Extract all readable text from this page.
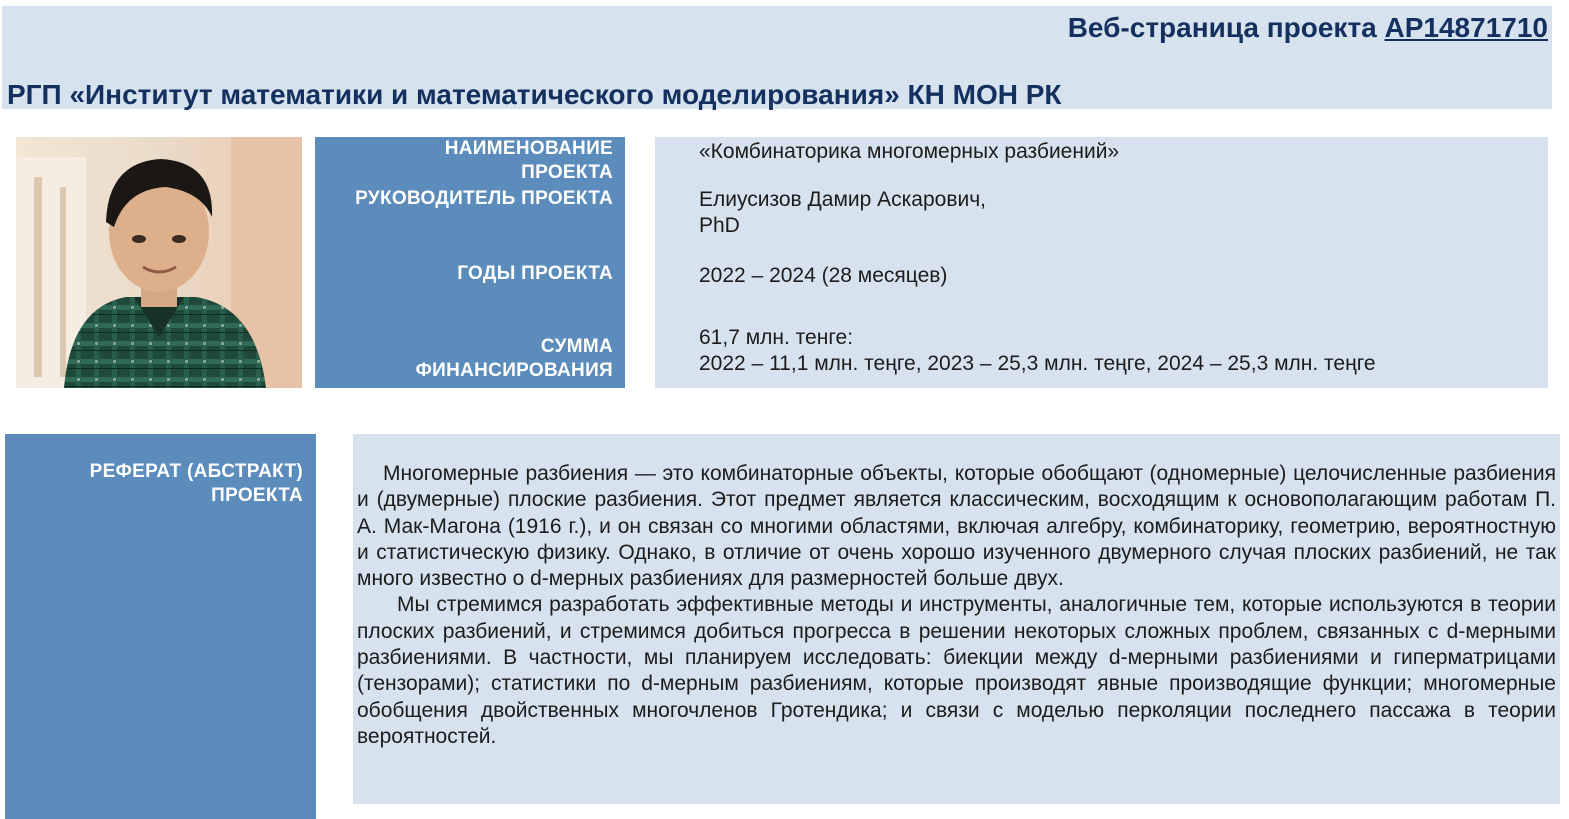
Веб-страница проекта AP14871710
РГП «Институт математики и математического моделирования» КН МОН РК
НАИМЕНОВАНИЕ ПРОЕКТА
РУКОВОДИТЕЛЬ ПРОЕКТА
ГОДЫ ПРОЕКТА
СУММА ФИНАНСИРОВАНИЯ
«Комбинаторика многомерных разбиений»
Елиусизов Дамир Аскарович,
PhD
2022 – 2024 (28 месяцев)
61,7 млн. тенге:
2022 – 11,1 млн. теңге, 2023 – 25,3 млн. теңге, 2024 – 25,3 млн. теңге
РЕФЕРАТ (АБСТРАКТ) ПРОЕКТА

Многомерные разбиения — это комбинаторные объекты, которые обобщают (одномерные) целочисленные разбиения и (двумерные) плоские разбиения. Этот предмет является классическим, восходящим к основополагающим работам П. А. Мак-Магона (1916 г.), и он связан со многими областями, включая алгебру, комбинаторику, геометрию, вероятностную и статистическую физику. Однако, в отличие от очень хорошо изученного двумерного случая плоских разбиений, не так много известно о d-мерных разбиениях для размерностей больше двух.

Мы стремимся разработать эффективные методы и инструменты, аналогичные тем, которые используются в теории плоских разбиений, и стремимся добиться прогресса в решении некоторых сложных проблем, связанных с d-мерными разбиениями. В частности, мы планируем исследовать: биекции между d-мерными разбиениями и гиперматрицами (тензорами); статистики по d-мерным разбиениям, которые производят явные производящие функции; многомерные обобщения двойственных многочленов Гротендика; и связи с моделью перколяции последнего пассажа в теории вероятностей.
